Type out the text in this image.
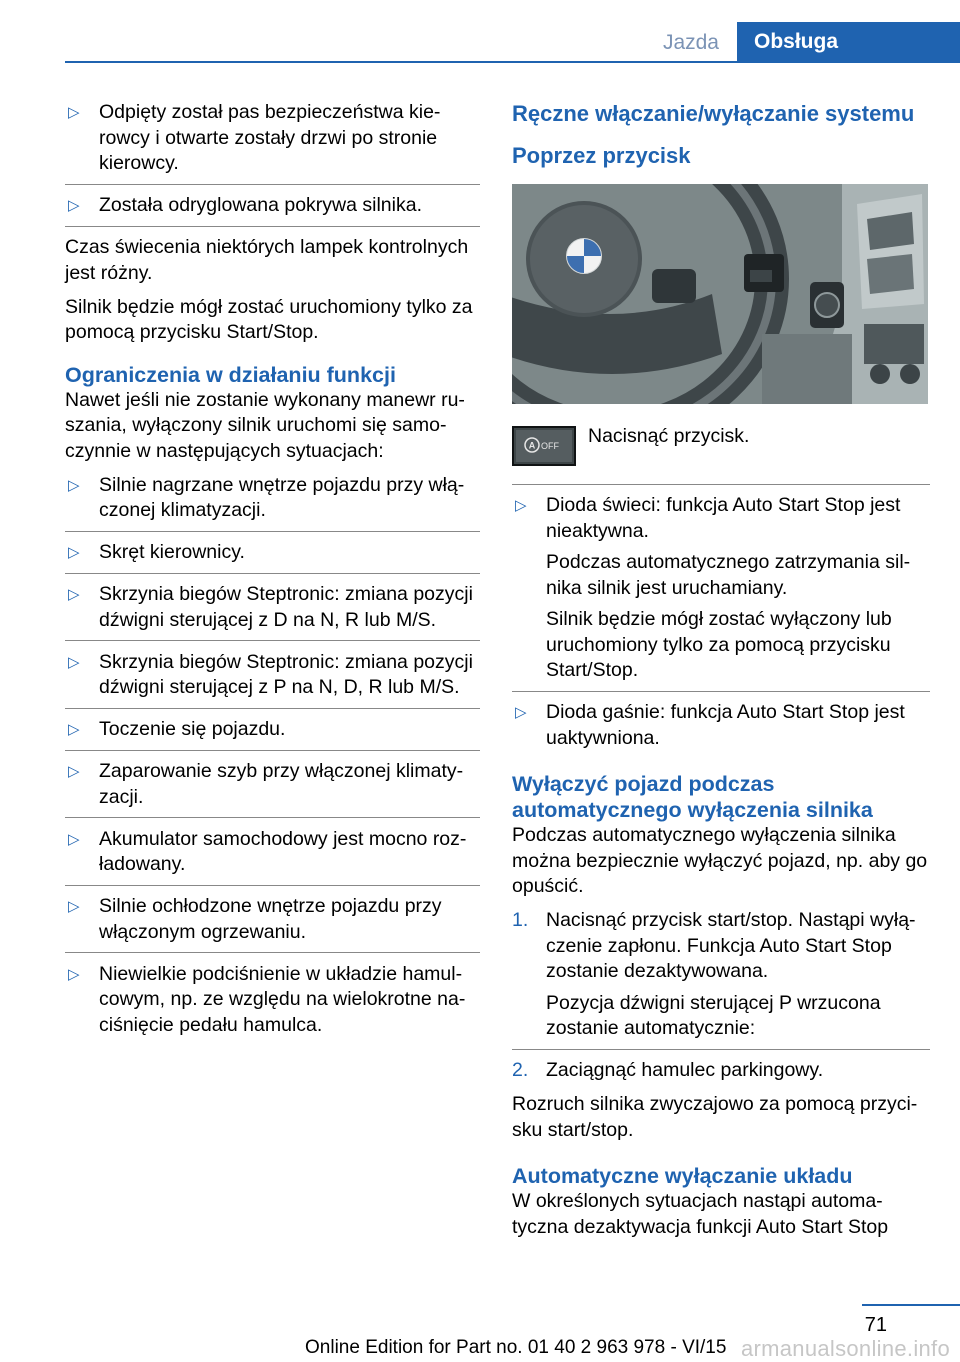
Jazda	Obsługa
▷ Odpięty został pas bezpieczeństwa kie-rowcy i otwarte zostały drzwi po stronie kierowcy.
▷ Została odryglowana pokrywa silnika.

Czas świecenia niektórych lampek kontrolnych jest różny.

Silnik będzie mógł zostać uruchomiony tylko za pomocą przycisku Start/Stop.

Ograniczenia w działaniu funkcji

Nawet jeśli nie zostanie wykonany manewr ru-szania, wyłączony silnik uruchomi się samo-czynnie w następujących sytuacjach:

▷ Silnie nagrzane wnętrze pojazdu przy włą-czonej klimatyzacji.
▷ Skręt kierownicy.
▷ Skrzynia biegów Steptronic: zmiana pozycji dźwigni sterującej z D na N, R lub M/S.
▷ Skrzynia biegów Steptronic: zmiana pozycji dźwigni sterującej z P na N, D, R lub M/S.
▷ Toczenie się pojazdu.
▷ Zaparowanie szyb przy włączonej klimaty-zacji.
▷ Akumulator samochodowy jest mocno roz-ładowany.
▷ Silnie ochłodzone wnętrze pojazdu przy włączonym ogrzewaniu.
▷ Niewielkie podciśnienie w układzie hamul-cowym, np. ze względu na wielokrotne na-ciśnięcie pedału hamulca.
Ręczne włączanie/wyłączanie systemu
Poprzez przycisk
A OFF Nacisnąć przycisk.
▷ Dioda świeci: funkcja Auto Start Stop jest nieaktywna.
Podczas automatycznego zatrzymania sil-nika silnik jest uruchamiany.
Silnik będzie mógł zostać wyłączony lub uruchomiony tylko za pomocą przycisku Start/Stop.
▷ Dioda gaśnie: funkcja Auto Start Stop jest uaktywniona.
Wyłączyć pojazd podczas automatycznego wyłączenia silnika

Podczas automatycznego wyłączenia silnika można bezpiecznie wyłączyć pojazd, np. aby go opuścić.

1. Nacisnąć przycisk start/stop. Nastąpi wyłą-czenie zapłonu. Funkcja Auto Start Stop zostanie dezaktywowana.
Pozycja dźwigni sterującej P wrzucona zostanie automatycznie:
2. Zaciągnąć hamulec parkingowy.

Rozruch silnika zwyczajowo za pomocą przyci-sku start/stop.

Automatyczne wyłączanie układu

W określonych sytuacjach nastąpi automa-tyczna dezaktywacja funkcji Auto Start Stop

71
Online Edition for Part no. 01 40 2 963 978 - VI/15 armanualsonline.info
